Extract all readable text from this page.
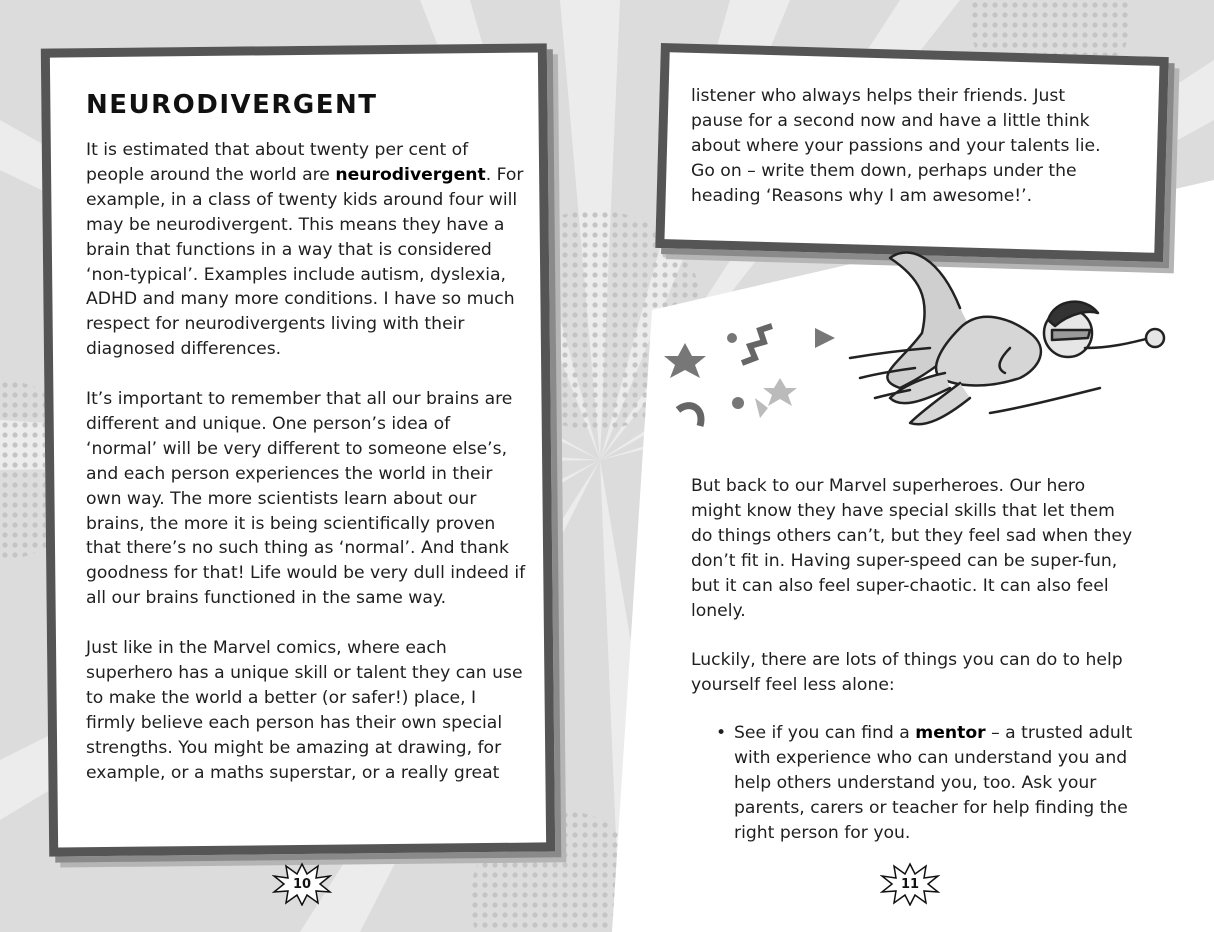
NEURODIVERGENT

It is estimated that about twenty per cent of people around the world are neurodivergent. For example, in a class of twenty kids around four will may be neurodivergent. This means they have a brain that functions in a way that is considered ‘non-typical’. Examples include autism, dyslexia, ADHD and many more conditions. I have so much respect for neurodivergents living with their diagnosed differences.

It’s important to remember that all our brains are different and unique. One person’s idea of ‘normal’ will be very different to someone else’s, and each person experiences the world in their own way. The more scientists learn about our brains, the more it is being scientifically proven that there’s no such thing as ‘normal’. And thank goodness for that! Life would be very dull indeed if all our brains functioned in the same way.

Just like in the Marvel comics, where each superhero has a unique skill or talent they can use to make the world a better (or safer!) place, I firmly believe each person has their own special strengths. You might be amazing at drawing, for example, or a maths superstar, or a really great

listener who always helps their friends. Just pause for a second now and have a little think about where your passions and your talents lie. Go on – write them down, perhaps under the heading ‘Reasons why I am awesome!’.

But back to our Marvel superheroes. Our hero might know they have special skills that let them do things others can’t, but they feel sad when they don’t fit in. Having super-speed can be super-fun, but it can also feel super-chaotic. It can also feel lonely.

Luckily, there are lots of things you can do to help yourself feel less alone:

• See if you can find a mentor – a trusted adult with experience who can understand you and help others understand you, too. Ask your parents, carers or teacher for help finding the right person for you.
10	11
